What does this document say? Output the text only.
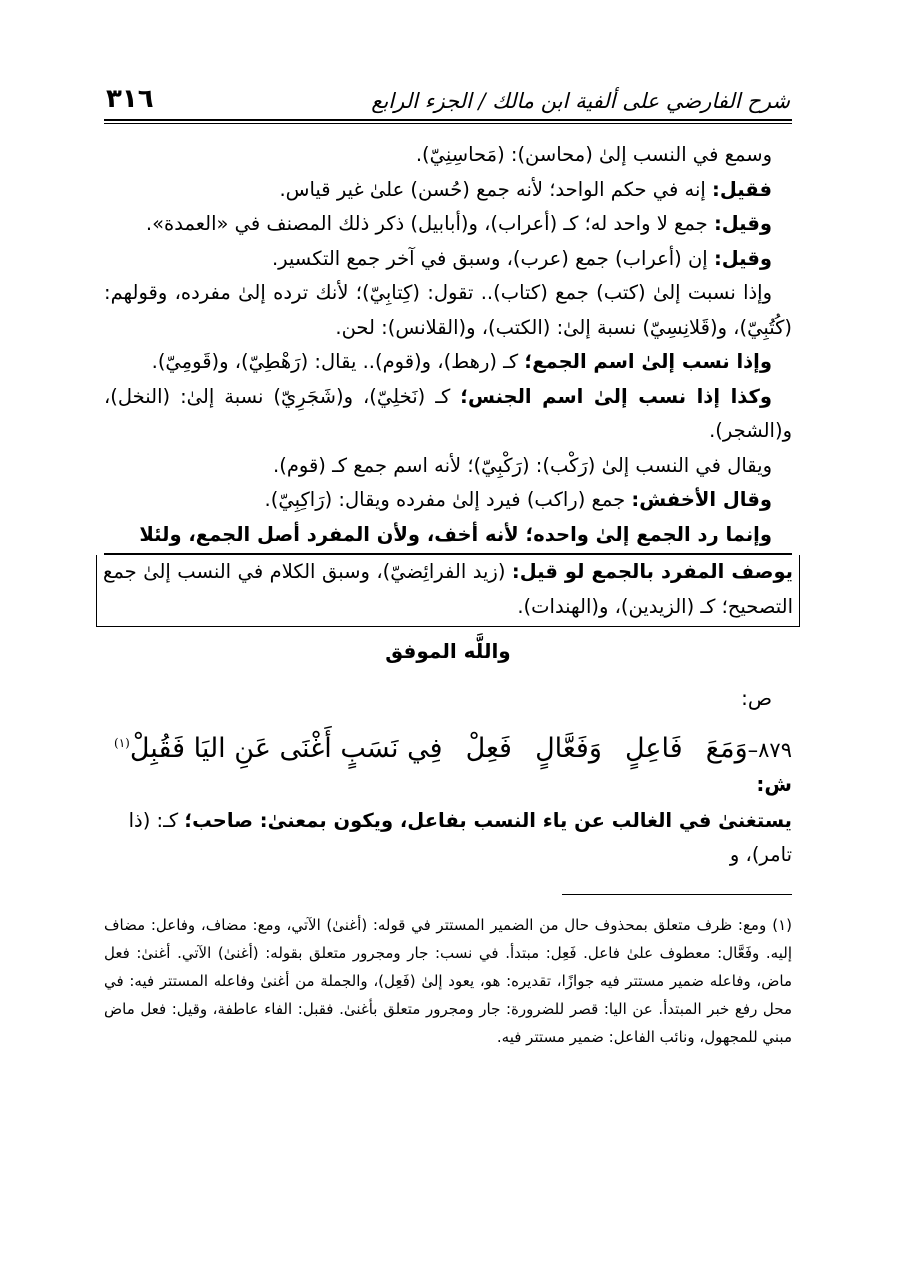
شرح الفارضي على ألفية ابن مالك / الجزء الرابع
٣١٦

وسمع في النسب إلىٰ (محاسن): (مَحاسِنِيّ).

فقيل: إنه في حكم الواحد؛ لأنه جمع (حُسن) علىٰ غير قياس.

وقيل: جمع لا واحد له؛ كـ (أعراب)، و(أبابيل) ذكر ذلك المصنف في «العمدة».

وقيل: إن (أعراب) جمع (عرب)، وسبق في آخر جمع التكسير.

وإذا نسبت إلىٰ (كتب) جمع (كتاب).. تقول: (كِتابِيّ)؛ لأنك ترده إلىٰ مفرده، وقولهم: (كُتُبِيّ)، و(قَلانِسِيّ) نسبة إلىٰ: (الكتب)، و(القلانس): لحن.

وإذا نسب إلىٰ اسم الجمع؛ كـ (رهط)، و(قوم).. يقال: (رَهْطِيّ)، و(قَومِيّ).

وكذا إذا نسب إلىٰ اسم الجنس؛ كـ (نَخلِيّ)، و(شَجَرِيّ) نسبة إلىٰ: (النخل)، و(الشجر).

ويقال في النسب إلىٰ (رَكْب): (رَكْبِيّ)؛ لأنه اسم جمع كـ (قوم).

وقال الأخفش: جمع (راكب) فيرد إلىٰ مفرده ويقال: (رَاكِبِيّ).

وإنما رد الجمع إلىٰ واحده؛ لأنه أخف، ولأن المفرد أصل الجمع، ولئلا

يوصف المفرد بالجمع لو قيل: (زيد الفرائِضيّ)، وسبق الكلام في النسب إلىٰ جمع التصحيح؛ كـ (الزيدين)، و(الهندات).

واللَّه الموفق
ص:
٨٧٩–وَمَعَ
فَاعِلٍ
وَفَعَّالٍ
فَعِلْ
فِي نَسَبٍ أَغْنَى عَنِ اليَا فَقُبِلْ$^{(١)}$
ش:
يستغنىٰ في الغالب عن ياء النسب بفاعل، ويكون بمعنىٰ: صاحب؛ كـ: (ذا تامر)، و
(١)ومع: ظرف متعلق بمحذوف حال من الضمير المستتر في قوله: (أغنىٰ) الآتي، ومع: مضاف، وفاعل: مضاف إليه. وفَعَّال: معطوف علىٰ فاعل. فَعِل: مبتدأ. في نسب: جار ومجرور متعلق بقوله: (أغنىٰ) الآتي. أغنىٰ: فعل ماض، وفاعله ضمير مستتر فيه جوازًا، تقديره: هو، يعود إلىٰ (فَعِل)، والجملة من أغنىٰ وفاعله المستتر فيه: في محل رفع خبر المبتدأ. عن اليا: قصر للضرورة: جار ومجرور متعلق بأغنىٰ. فقبل: الفاء عاطفة، وقيل: فعل ماض مبني للمجهول، ونائب الفاعل: ضمير مستتر فيه.
